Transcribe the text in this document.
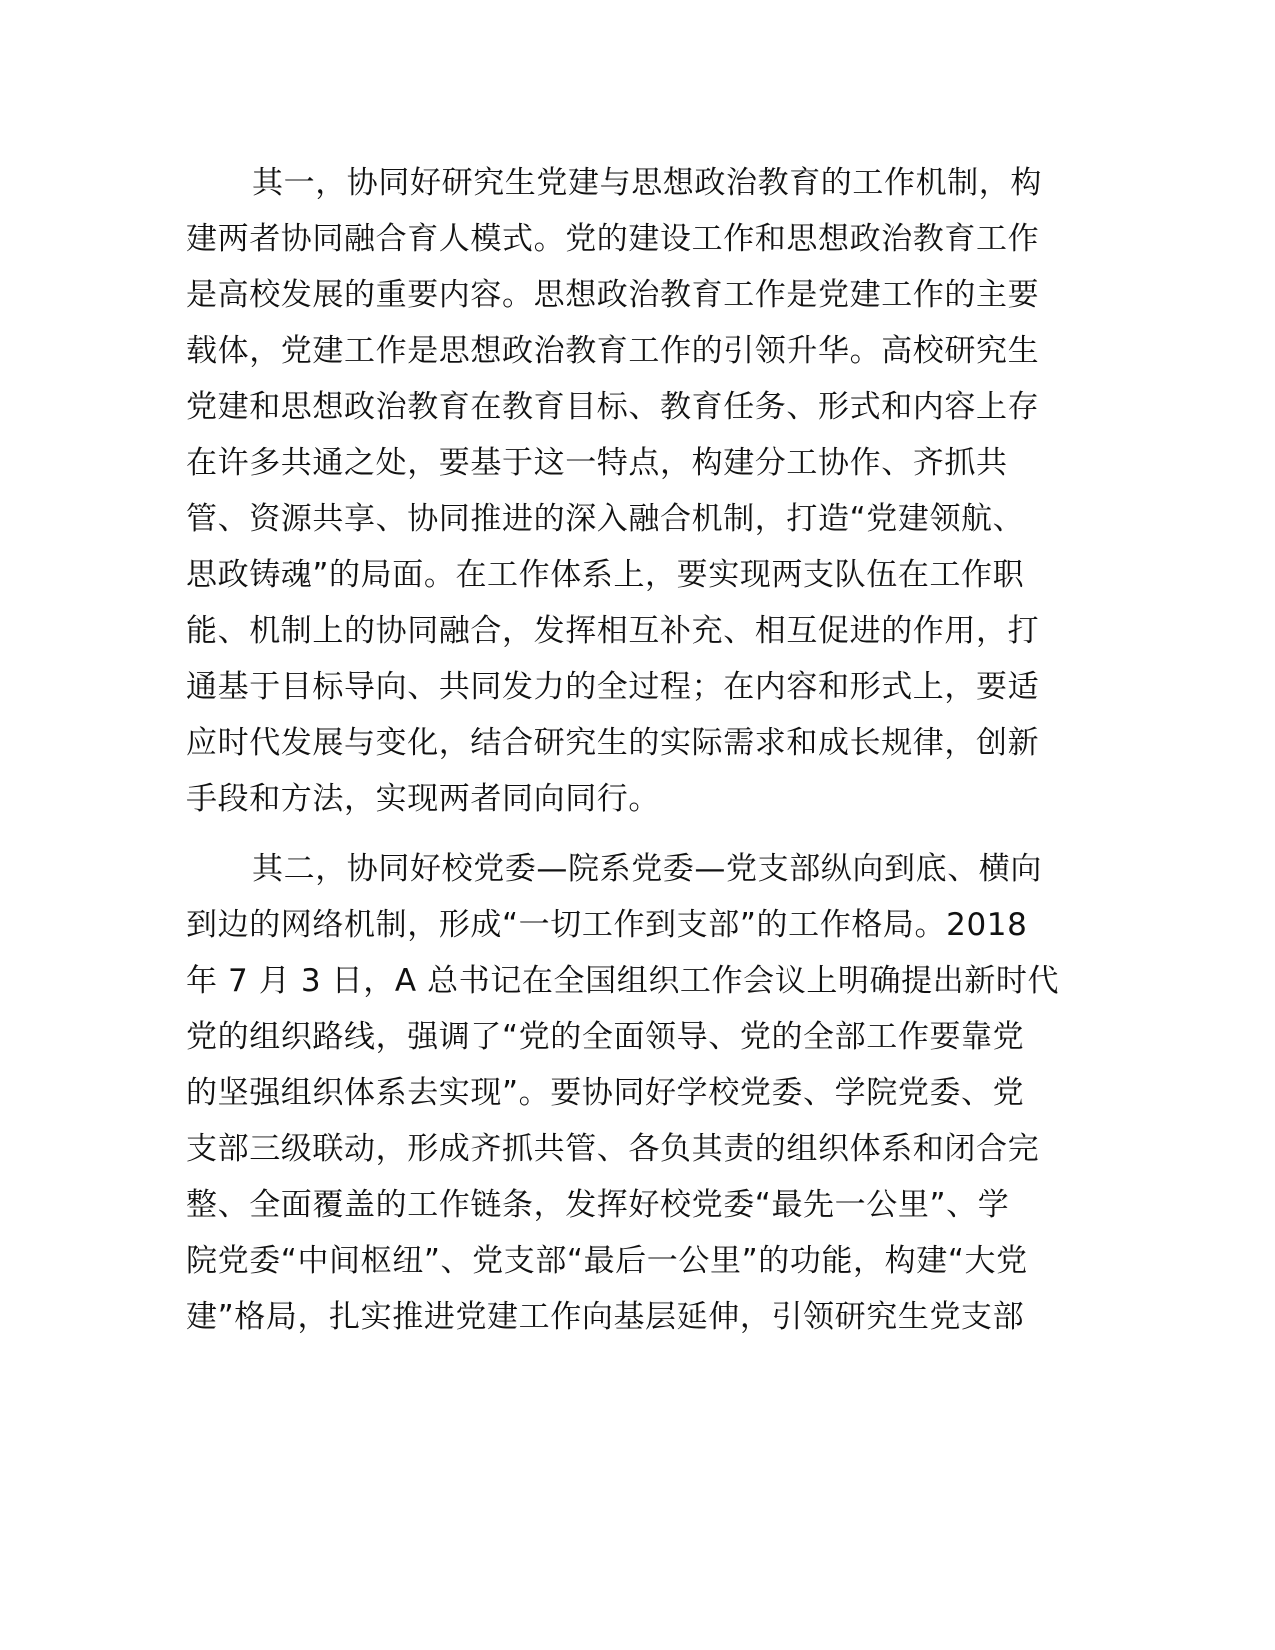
其一，协同好研究生党建与思想政治教育的工作机制，构
建两者协同融合育人模式。党的建设工作和思想政治教育工作
是高校发展的重要内容。思想政治教育工作是党建工作的主要
载体，党建工作是思想政治教育工作的引领升华。高校研究生
党建和思想政治教育在教育目标、教育任务、形式和内容上存
在许多共通之处，要基于这一特点，构建分工协作、齐抓共
管、资源共享、协同推进的深入融合机制，打造“党建领航、
思政铸魂”的局面。在工作体系上，要实现两支队伍在工作职
能、机制上的协同融合，发挥相互补充、相互促进的作用，打
通基于目标导向、共同发力的全过程；在内容和形式上，要适
应时代发展与变化，结合研究生的实际需求和成长规律，创新
手段和方法，实现两者同向同行。
其二，协同好校党委—院系党委—党支部纵向到底、横向
到边的网络机制，形成“一切工作到支部”的工作格局。2018
年 7 月 3 日，A 总书记在全国组织工作会议上明确提出新时代
党的组织路线，强调了“党的全面领导、党的全部工作要靠党
的坚强组织体系去实现”。要协同好学校党委、学院党委、党
支部三级联动，形成齐抓共管、各负其责的组织体系和闭合完
整、全面覆盖的工作链条，发挥好校党委“最先一公里”、学
院党委“中间枢纽”、党支部“最后一公里”的功能，构建“大党
建”格局，扎实推进党建工作向基层延伸，引领研究生党支部
